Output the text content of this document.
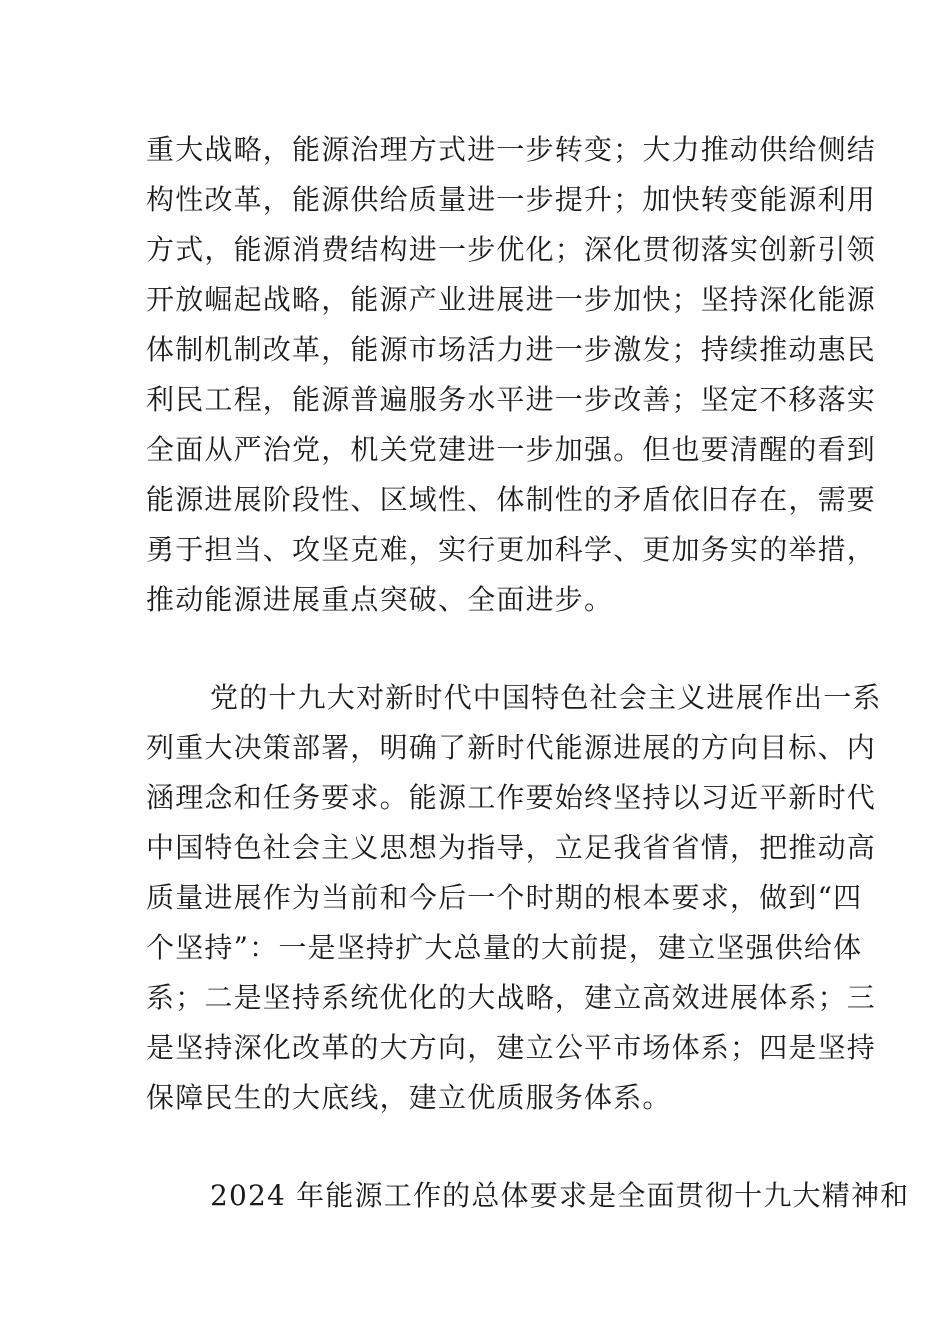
重大战略，能源治理方式进一步转变；大力推动供给侧结
构性改革，能源供给质量进一步提升；加快转变能源利用
方式，能源消费结构进一步优化；深化贯彻落实创新引领
开放崛起战略，能源产业进展进一步加快；坚持深化能源
体制机制改革，能源市场活力进一步激发；持续推动惠民
利民工程，能源普遍服务水平进一步改善；坚定不移落实
全面从严治党，机关党建进一步加强。但也要清醒的看到
能源进展阶段性、区域性、体制性的矛盾依旧存在，需要
勇于担当、攻坚克难，实行更加科学、更加务实的举措，
推动能源进展重点突破、全面进步。
党的十九大对新时代中国特色社会主义进展作出一系
列重大决策部署，明确了新时代能源进展的方向目标、内
涵理念和任务要求。能源工作要始终坚持以习近平新时代
中国特色社会主义思想为指导，立足我省省情，把推动高
质量进展作为当前和今后一个时期的根本要求，做到“四
个坚持”：一是坚持扩大总量的大前提，建立坚强供给体
系；二是坚持系统优化的大战略，建立高效进展体系；三
是坚持深化改革的大方向，建立公平市场体系；四是坚持
保障民生的大底线，建立优质服务体系。
2024 年能源工作的总体要求是全面贯彻十九大精神和
